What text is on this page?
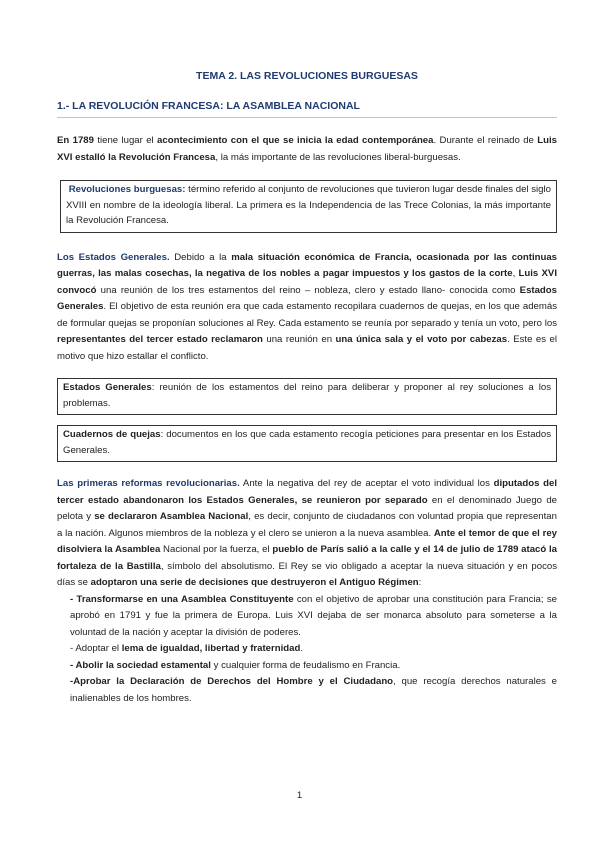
TEMA 2. LAS REVOLUCIONES BURGUESAS
1.- LA REVOLUCIÓN FRANCESA: LA ASAMBLEA NACIONAL

En 1789 tiene lugar el acontecimiento con el que se inicia la edad contemporánea. Durante el reinado de Luis XVI estalló la Revolución Francesa, la más importante de las revoluciones liberal-burguesas.

Revoluciones burguesas: término referido al conjunto de revoluciones que tuvieron lugar desde finales del siglo XVIII en nombre de la ideología liberal. La primera es la Independencia de las Trece Colonias, la más importante la Revolución Francesa.

Los Estados Generales. Debido a la mala situación económica de Francia, ocasionada por las continuas guerras, las malas cosechas, la negativa de los nobles a pagar impuestos y los gastos de la corte, Luis XVI convocó una reunión de los tres estamentos del reino – nobleza, clero y estado llano- conocida como Estados Generales. El objetivo de esta reunión era que cada estamento recopilara cuadernos de quejas, en los que además de formular quejas se proponían soluciones al Rey. Cada estamento se reunía por separado y tenía un voto, pero los representantes del tercer estado reclamaron una reunión en una única sala y el voto por cabezas. Este es el motivo que hizo estallar el conflicto.

Estados Generales: reunión de los estamentos del reino para deliberar y proponer al rey soluciones a los problemas.

Cuadernos de quejas: documentos en los que cada estamento recogía peticiones para presentar en los Estados Generales.

Las primeras reformas revolucionarias. Ante la negativa del rey de aceptar el voto individual los diputados del tercer estado abandonaron los Estados Generales, se reunieron por separado en el denominado Juego de pelota y se declararon Asamblea Nacional, es decir, conjunto de ciudadanos con voluntad propia que representan a la nación. Algunos miembros de la nobleza y el clero se unieron a la nueva asamblea. Ante el temor de que el rey disolviera la Asamblea Nacional por la fuerza, el pueblo de París salió a la calle y el 14 de julio de 1789 atacó la fortaleza de la Bastilla, símbolo del absolutismo. El Rey se vio obligado a aceptar la nueva situación y en pocos días se adoptaron una serie de decisiones que destruyeron el Antiguo Régimen:

- Transformarse en una Asamblea Constituyente con el objetivo de aprobar una constitución para Francia; se aprobó en 1791 y fue la primera de Europa. Luis XVI dejaba de ser monarca absoluto para someterse a la voluntad de la nación y aceptar la división de poderes.
- Adoptar el lema de igualdad, libertad y fraternidad.
- Abolir la sociedad estamental y cualquier forma de feudalismo en Francia.
-Aprobar la Declaración de Derechos del Hombre y el Ciudadano, que recogía derechos naturales e inalienables de los hombres.
1
